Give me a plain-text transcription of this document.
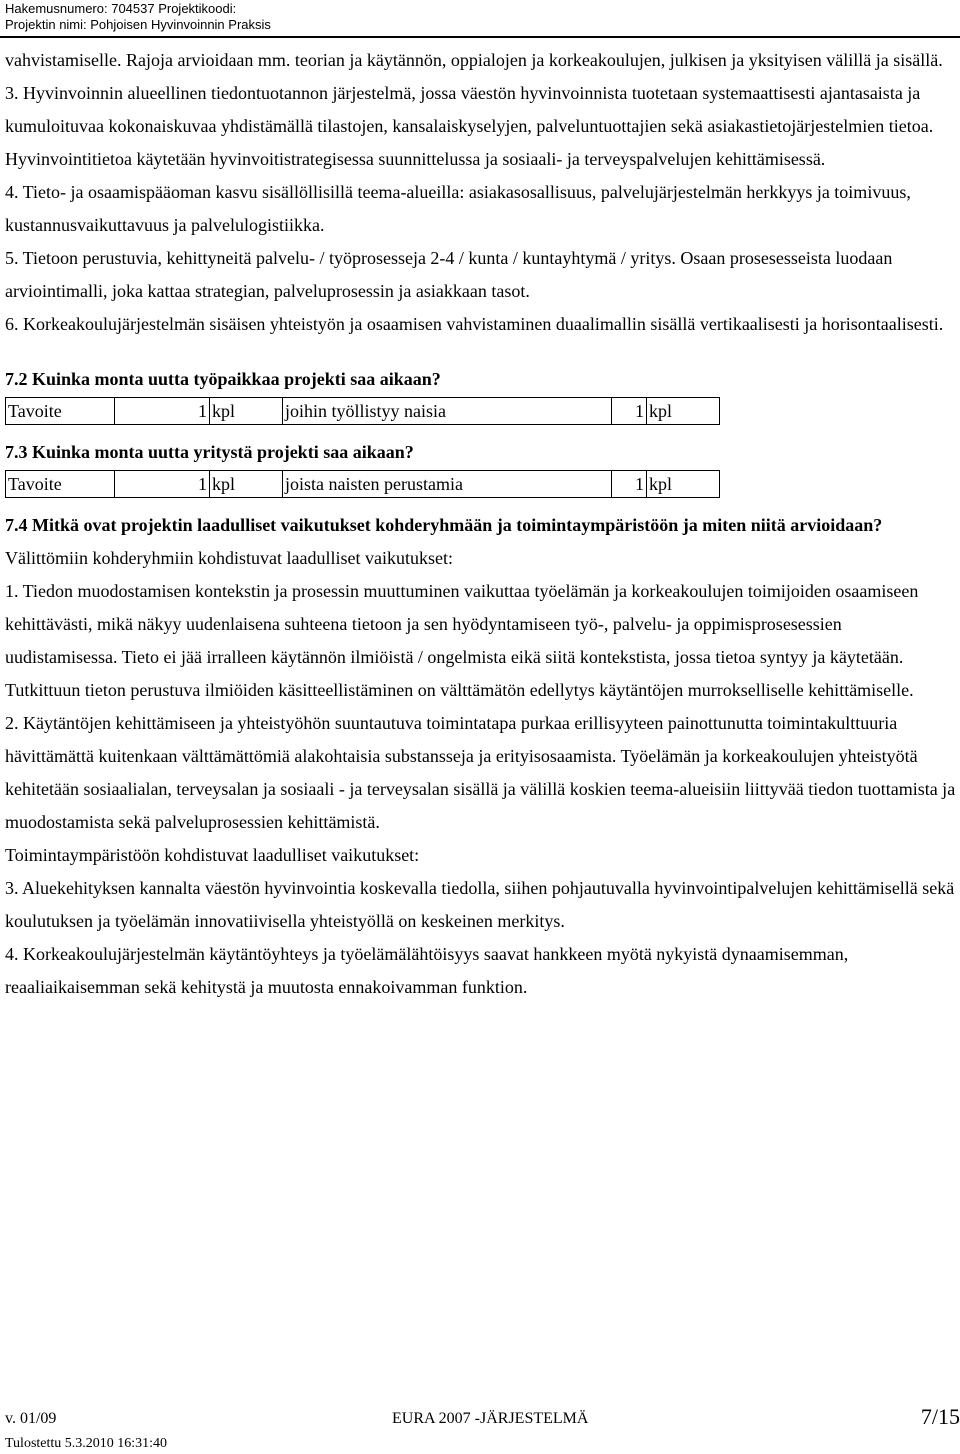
Hakemusnumero: 704537 Projektikoodi:
Projektin nimi: Pohjoisen Hyvinvoinnin Praksis

vahvistamiselle. Rajoja arvioidaan mm. teorian ja käytännön, oppialojen ja korkeakoulujen, julkisen ja yksityisen välillä ja sisällä.

3. Hyvinvoinnin alueellinen tiedontuotannon järjestelmä, jossa väestön hyvinvoinnista tuotetaan systemaattisesti ajantasaista ja kumuloituvaa kokonaiskuvaa yhdistämällä tilastojen, kansalaiskyselyjen, palveluntuottajien sekä asiakastietojärjestelmien tietoa. Hyvinvointitietoa käytetään hyvinvoitistrategisessa suunnittelussa ja sosiaali- ja terveyspalvelujen kehittämisessä.

4. Tieto- ja osaamispääoman kasvu sisällöllisillä teema-alueilla: asiakasosallisuus, palvelujärjestelmän herkkyys ja toimivuus, kustannusvaikuttavuus ja palvelulogistiikka.

5. Tietoon perustuvia, kehittyneitä palvelu- / työprosesseja 2-4 / kunta / kuntayhtymä / yritys. Osaan prosesesseista luodaan arviointimalli, joka kattaa strategian, palveluprosessin ja asiakkaan tasot.

6. Korkeakoulujärjestelmän sisäisen yhteistyön ja osaamisen vahvistaminen duaalimallin sisällä vertikaalisesti ja horisontaalisesti.

7.2 Kuinka monta uutta työpaikkaa projekti saa aikaan?

Tavoite	1	kpl	joihin työllistyy naisia	1	kpl

7.3 Kuinka monta uutta yritystä projekti saa aikaan?

Tavoite	1	kpl	joista naisten perustamia	1	kpl

7.4 Mitkä ovat projektin laadulliset vaikutukset kohderyhmään ja toimintaympäristöön ja miten niitä arvioidaan?

Välittömiin kohderyhmiin kohdistuvat laadulliset vaikutukset:

1. Tiedon muodostamisen kontekstin ja prosessin muuttuminen vaikuttaa työelämän ja korkeakoulujen toimijoiden osaamiseen kehittävästi, mikä näkyy uudenlaisena suhteena tietoon ja sen hyödyntamiseen työ-, palvelu- ja oppimisprosesessien uudistamisessa. Tieto ei jää irralleen käytännön ilmiöistä / ongelmista eikä siitä kontekstista, jossa tietoa syntyy ja käytetään. Tutkittuun tieton perustuva ilmiöiden käsitteellistäminen on välttämätön edellytys käytäntöjen murrokselliselle kehittämiselle.

2. Käytäntöjen kehittämiseen ja yhteistyöhön suuntautuva toimintatapa purkaa erillisyyteen painottunutta toimintakulttuuria hävittämättä kuitenkaan välttämättömiä alakohtaisia substansseja ja erityisosaamista. Työelämän ja korkeakoulujen yhteistyötä kehitetään sosiaalialan, terveysalan ja sosiaali - ja terveysalan sisällä ja välillä koskien teema-alueisiin liittyvää tiedon tuottamista ja muodostamista sekä palveluprosessien kehittämistä.

Toimintaympäristöön kohdistuvat laadulliset vaikutukset:

3. Aluekehityksen kannalta väestön hyvinvointia koskevalla tiedolla, siihen pohjautuvalla hyvinvointipalvelujen kehittämisellä sekä koulutuksen ja työelämän innovatiivisella yhteistyöllä on keskeinen merkitys.

4. Korkeakoulujärjestelmän käytäntöyhteys ja työelämälähtöisyys saavat hankkeen myötä nykyistä dynaamisemman, reaaliaikaisemman sekä kehitystä ja muutosta ennakoivamman funktion.

v. 01/09	EURA 2007 -JÄRJESTELMÄ	7/15
Tulostettu 5.3.2010 16:31:40
